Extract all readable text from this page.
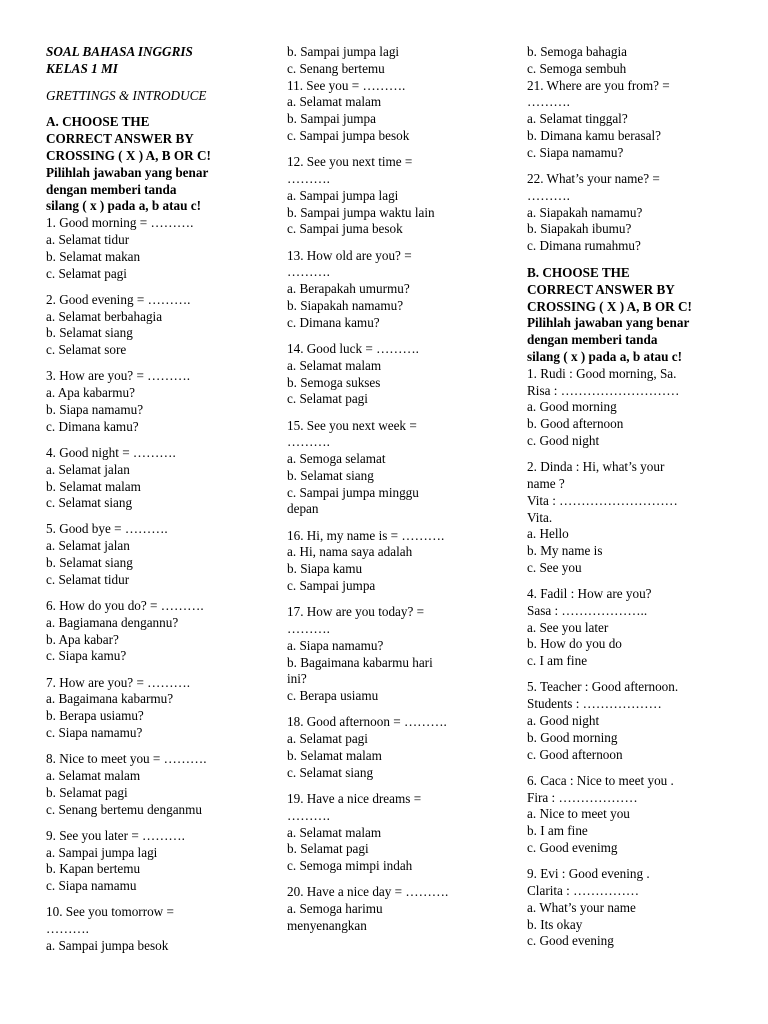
SOAL BAHASA INGGRIS
KELAS 1 MI
GRETTINGS & INTRODUCE
A. CHOOSE THE
CORRECT ANSWER BY
CROSSING ( X ) A, B OR C!
Pilihlah jawaban yang benar
dengan memberi tanda
silang ( x ) pada a, b atau c!
1. Good morning = ……….
a. Selamat tidur
b. Selamat makan
c. Selamat pagi
2. Good evening = ……….
a. Selamat berbahagia
b. Selamat siang
c. Selamat sore
3. How are you? = ……….
a. Apa kabarmu?
b. Siapa namamu?
c. Dimana kamu?
4. Good night = ……….
a. Selamat jalan
b. Selamat malam
c. Selamat siang
5. Good bye = ……….
a. Selamat jalan
b. Selamat siang
c. Selamat tidur
6. How do you do? = ……….
a. Bagiamana dengannu?
b. Apa kabar?
c. Siapa kamu?
7. How are you? = ……….
a. Bagaimana kabarmu?
b. Berapa usiamu?
c. Siapa namamu?
8. Nice to meet you = ……….
a. Selamat malam
b. Selamat pagi
c. Senang bertemu denganmu
9. See you later = ……….
a. Sampai jumpa lagi
b. Kapan bertemu
c. Siapa namamu
10. See you tomorrow =
……….
a. Sampai jumpa besok
b. Sampai jumpa lagi
c. Senang bertemu
11. See you = ……….
a. Selamat malam
b. Sampai jumpa
c. Sampai jumpa besok
12. See you next time =
……….
a. Sampai jumpa lagi
b. Sampai jumpa waktu lain
c. Sampai juma besok
13. How old are you? =
……….
a. Berapakah umurmu?
b. Siapakah namamu?
c. Dimana kamu?
14. Good luck = ……….
a. Selamat malam
b. Semoga sukses
c. Selamat pagi
15. See you next week =
……….
a. Semoga selamat
b. Selamat siang
c. Sampai jumpa minggu
depan
16. Hi, my name is = ……….
a. Hi, nama saya adalah
b. Siapa kamu
c. Sampai jumpa
17. How are you today? =
……….
a. Siapa namamu?
b. Bagaimana kabarmu hari
ini?
c. Berapa usiamu
18. Good afternoon = ……….
a. Selamat pagi
b. Selamat malam
c. Selamat siang
19. Have a nice dreams =
……….
a. Selamat malam
b. Selamat pagi
c. Semoga mimpi indah
20. Have a nice day = ……….
a. Semoga harimu
menyenangkan
b. Semoga bahagia
c. Semoga sembuh
21. Where are you from? =
……….
a. Selamat tinggal?
b. Dimana kamu berasal?
c. Siapa namamu?
22. What’s your name? =
……….
a. Siapakah namamu?
b. Siapakah ibumu?
c. Dimana rumahmu?
B. CHOOSE THE
CORRECT ANSWER BY
CROSSING ( X ) A, B OR C!
Pilihlah jawaban yang benar
dengan memberi tanda
silang ( x ) pada a, b atau c!
1. Rudi : Good morning, Sa.
Risa : ………………………
a. Good morning
b. Good afternoon
c. Good night
2. Dinda : Hi, what’s your
name ?
Vita : ………………………
Vita.
a. Hello
b. My name is
c. See you
4. Fadil : How are you?
Sasa : ………………..
a. See you later
b. How do you do
c. I am fine
5. Teacher : Good afternoon.
Students : ………………
a. Good night
b. Good morning
c. Good afternoon
6. Caca : Nice to meet you .
Fira : ………………
a. Nice to meet you
b. I am fine
c. Good evenimg
9. Evi : Good evening .
Clarita : ……………
a. What’s your name
b. Its okay
c. Good evening
